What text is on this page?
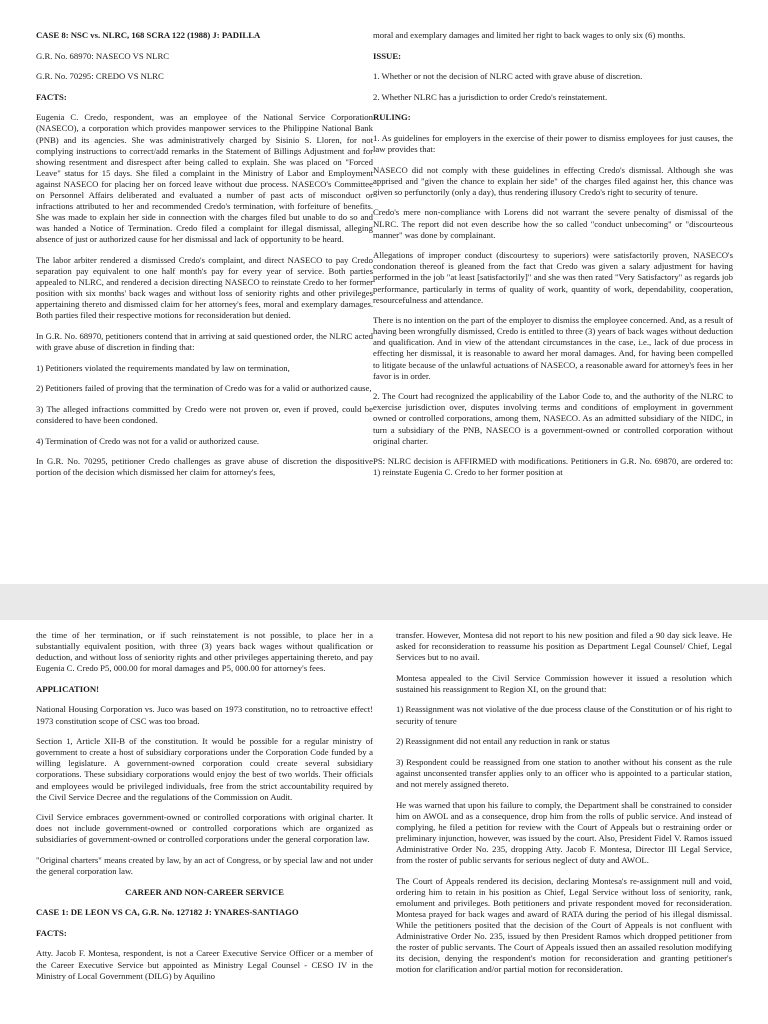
CASE 8: NSC vs. NLRC, 168 SCRA 122 (1988) J: PADILLA

G.R. No. 68970: NASECO VS NLRC

G.R. No. 70295: CREDO VS NLRC

FACTS:

Eugenia C. Credo, respondent, was an employee of the National Service Corporation (NASECO), a corporation which provides manpower services to the Philippine National Bank (PNB) and its agencies. She was administratively charged by Sisinio S. Lloren, for not complying instructions to correct/add remarks in the Statement of Billings Adjustment and for showing resentment and disrespect after being called to explain. She was placed on "Forced Leave" status for 15 days. She filed a complaint in the Ministry of Labor and Employment against NASECO for placing her on forced leave without due process. NASECO's Committee on Personnel Affairs deliberated and evaluated a number of past acts of misconduct or infractions attributed to her and recommended Credo's termination, with forfeiture of benefits. She was made to explain her side in connection with the charges filed but unable to do so and was handed a Notice of Termination. Credo filed a complaint for illegal dismissal, alleging absence of just or authorized cause for her dismissal and lack of opportunity to be heard.

The labor arbiter rendered a dismissed Credo's complaint, and direct NASECO to pay Credo separation pay equivalent to one half month's pay for every year of service. Both parties appealed to NLRC, and rendered a decision directing NASECO to reinstate Credo to her former position with six months' back wages and without loss of seniority rights and other privileges appertaining thereto and dismissed claim for her attorney's fees, moral and exemplary damages. Both parties filed their respective motions for reconsideration but denied.

In G.R. No. 68970, petitioners contend that in arriving at said questioned order, the NLRC acted with grave abuse of discretion in finding that:

1) Petitioners violated the requirements mandated by law on termination,

2) Petitioners failed of proving that the termination of Credo was for a valid or authorized cause,

3) The alleged infractions committed by Credo were not proven or, even if proved, could be considered to have been condoned.

4) Termination of Credo was not for a valid or authorized cause.

In G.R. No. 70295, petitioner Credo challenges as grave abuse of discretion the dispositive portion of the decision which dismissed her claim for attorney's fees,

moral and exemplary damages and limited her right to back wages to only six (6) months.

ISSUE:

1. Whether or not the decision of NLRC acted with grave abuse of discretion.

2. Whether NLRC has a jurisdiction to order Credo's reinstatement.

RULING:

1. As guidelines for employers in the exercise of their power to dismiss employees for just causes, the law provides that:

NASECO did not comply with these guidelines in effecting Credo's dismissal. Although she was apprised and "given the chance to explain her side" of the charges filed against her, this chance was given so perfunctorily (only a day), thus rendering illusory Credo's right to security of tenure.

Credo's mere non-compliance with Lorens did not warrant the severe penalty of dismissal of the NLRC. The report did not even describe how the so called "conduct unbecoming" or "discourteous manner" was done by complainant.

Allegations of improper conduct (discourtesy to superiors) were satisfactorily proven, NASECO's condonation thereof is gleaned from the fact that Credo was given a salary adjustment for having performed in the job "at least [satisfactorily]" and she was then rated "Very Satisfactory" as regards job performance, particularly in terms of quality of work, quantity of work, dependability, cooperation, resourcefulness and attendance.

There is no intention on the part of the employer to dismiss the employee concerned. And, as a result of having been wrongfully dismissed, Credo is entitled to three (3) years of back wages without deduction and qualification. And in view of the attendant circumstances in the case, i.e., lack of due process in effecting her dismissal, it is reasonable to award her moral damages. And, for having been compelled to litigate because of the unlawful actuations of NASECO, a reasonable award for attorney's fees in her favor is in order.

2. The Court had recognized the applicability of the Labor Code to, and the authority of the NLRC to exercise jurisdiction over, disputes involving terms and conditions of employment in government owned or controlled corporations, among them, NASECO. As an admitted subsidiary of the NIDC, in turn a subsidiary of the PNB, NASECO is a government-owned or controlled corporation without original charter.

PS: NLRC decision is AFFIRMED with modifications. Petitioners in G.R. No. 69870, are ordered to: 1) reinstate Eugenia C. Credo to her former position at

the time of her termination, or if such reinstatement is not possible, to place her in a substantially equivalent position, with three (3) years back wages without qualification or deduction, and without loss of seniority rights and other privileges appertaining thereto, and pay Eugenia C. Credo P5, 000.00 for moral damages and P5, 000.00 for attorney's fees.

APPLICATION!

National Housing Corporation vs. Juco was based on 1973 constitution, no to retroactive effect! 1973 constitution scope of CSC was too broad.

Section 1, Article XII-B of the constitution. It would be possible for a regular ministry of government to create a host of subsidiary corporations under the Corporation Code funded by a willing legislature. A government-owned corporation could create several subsidiary corporations. These subsidiary corporations would enjoy the best of two worlds. Their officials and employees would be privileged individuals, free from the strict accountability required by the Civil Service Decree and the regulations of the Commission on Audit.

Civil Service embraces government-owned or controlled corporations with original charter. It does not include government-owned or controlled corporations which are organized as subsidiaries of government-owned or controlled corporations under the general corporation law.

"Original charters" means created by law, by an act of Congress, or by special law and not under the general corporation law.

CAREER AND NON-CAREER SERVICE

CASE 1: DE LEON VS CA, G.R. No. 127182 J: YNARES-SANTIAGO

FACTS:

Atty. Jacob F. Montesa, respondent, is not a Career Executive Service Officer or a member of the Career Executive Service but appointed as Ministry Legal Counsel - CESO IV in the Ministry of Local Government (DILG) by Aquilino

transfer. However, Montesa did not report to his new position and filed a 90 day sick leave. He asked for reconsideration to reassume his position as Department Legal Counsel/ Chief, Legal Services but to no avail.

Montesa appealed to the Civil Service Commission however it issued a resolution which sustained his reassignment to Region XI, on the ground that:

1) Reassignment was not violative of the due process clause of the Constitution or of his right to security of tenure

2) Reassignment did not entail any reduction in rank or status

3) Respondent could be reassigned from one station to another without his consent as the rule against unconsented transfer applies only to an officer who is appointed to a particular station, and not merely assigned thereto.

He was warned that upon his failure to comply, the Department shall be constrained to consider him on AWOL and as a consequence, drop him from the rolls of public service. And instead of complying, he filed a petition for review with the Court of Appeals but o restraining order or preliminary injunction, however, was issued by the court. Also, President Fidel V. Ramos issued Administrative Order No. 235, dropping Atty. Jacob F. Montesa, Director III Legal Service, from the roster of public servants for serious neglect of duty and AWOL.

The Court of Appeals rendered its decision, declaring Montesa's re-assignment null and void, ordering him to retain in his position as Chief, Legal Service without loss of seniority, rank, emolument and privileges. Both petitioners and private respondent moved for reconsideration. Montesa prayed for back wages and award of RATA during the period of his illegal dismissal. While the petitioners posited that the decision of the Court of Appeals is not confluent with Administrative Order No. 235, issued by then President Ramos which dropped petitioner from the roster of public servants. The Court of Appeals issued then an assailed resolution modifying its decision, denying the respondent's motion for reconsideration and granting petitioner's motion for clarification and/or partial motion for reconsideration.
